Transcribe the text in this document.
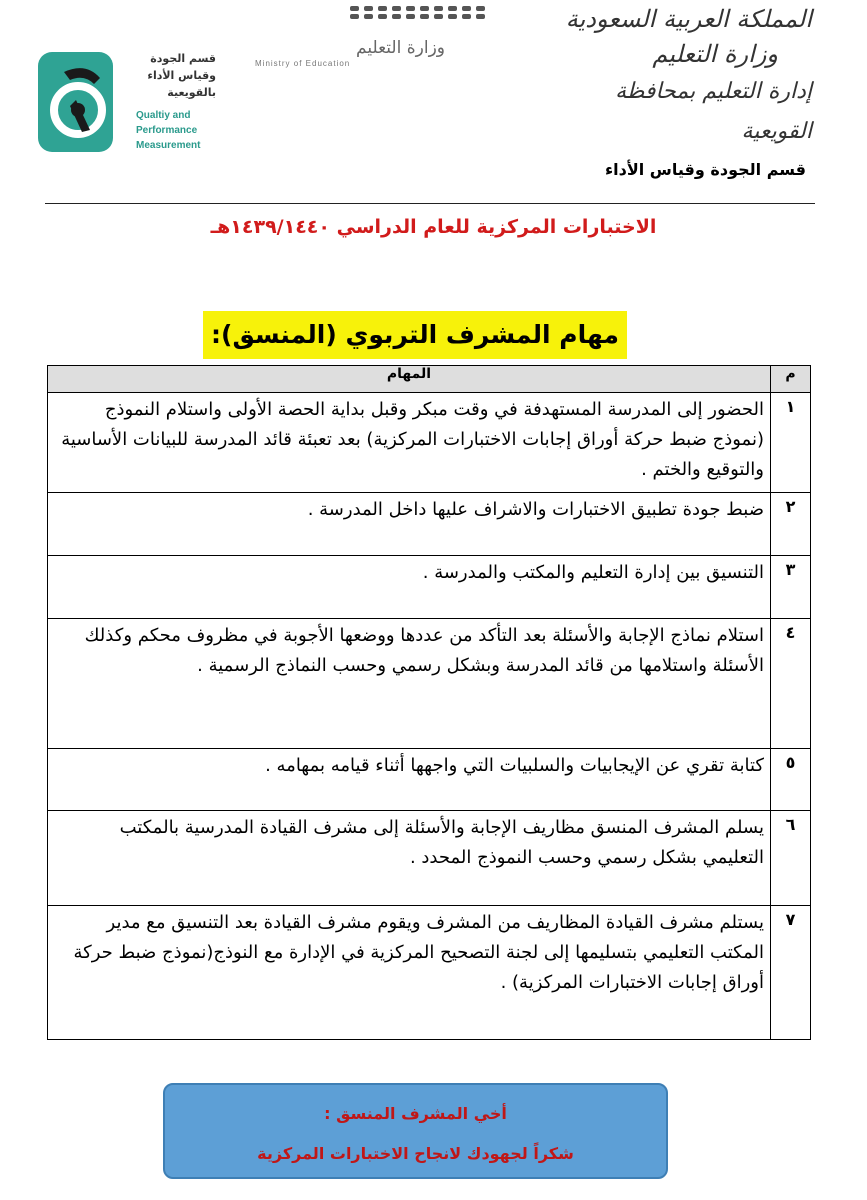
قسم الجودة
وقياس الأداء
بالقويعية
Qualtiy and
Performance
Measurement
وزارة التعليم
Ministry of Education
المملكة العربية السعودية
وزارة التعليم
إدارة التعليم بمحافظة القويعية
قسم الجودة وقياس الأداء
الاختبارات المركزية للعام الدراسي ١٤٣٩/١٤٤٠هـ
مهام المشرف التربوي (المنسق):
م	المهام
١	الحضور إلى المدرسة المستهدفة في وقت مبكر وقبل بداية الحصة الأولى واستلام النموذج (نموذج ضبط حركة أوراق إجابات الاختبارات المركزية) بعد تعبئة قائد المدرسة للبيانات الأساسية والتوقيع والختم .
٢	ضبط جودة تطبيق الاختبارات والاشراف عليها داخل المدرسة .
٣	التنسيق بين إدارة التعليم والمكتب والمدرسة .
٤	استلام نماذج الإجابة والأسئلة بعد التأكد من عددها ووضعها الأجوبة في مظروف محكم وكذلك الأسئلة واستلامها من قائد المدرسة وبشكل رسمي وحسب النماذج الرسمية .
٥	كتابة تقري عن الإيجابيات والسلبيات التي واجهها أثناء قيامه بمهامه .
٦	يسلم المشرف المنسق مظاريف الإجابة والأسئلة إلى مشرف القيادة المدرسية بالمكتب التعليمي بشكل رسمي وحسب النموذج المحدد .
٧	يستلم مشرف القيادة المظاريف من المشرف ويقوم مشرف القيادة بعد التنسيق مع مدير المكتب التعليمي بتسليمها إلى لجنة التصحيح المركزية في الإدارة مع النوذج(نموذج ضبط حركة أوراق إجابات الاختبارات المركزية) .
أخي المشرف المنسق :
شكراً لجهودك لانجاح الاختبارات المركزية
